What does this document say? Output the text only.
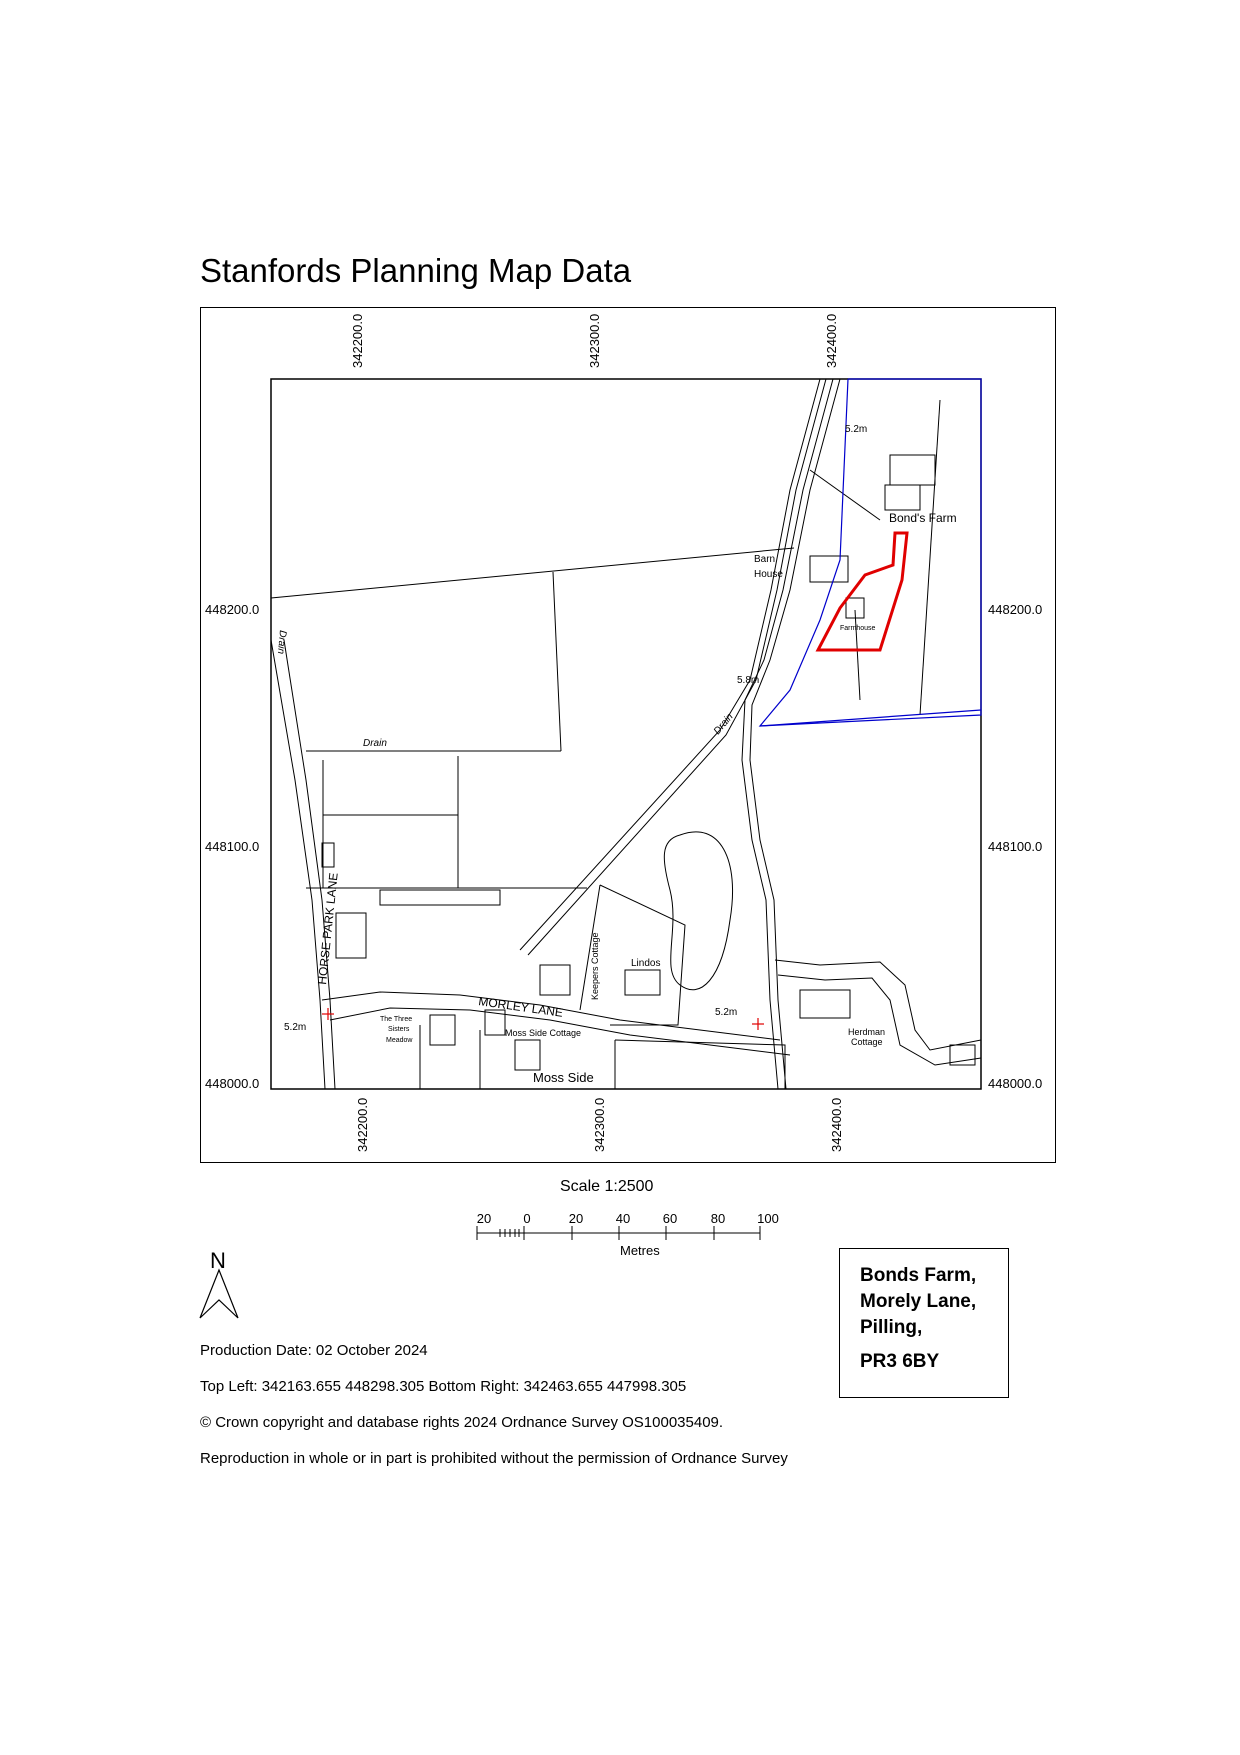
Stanfords Planning Map Data
342200.0	342300.0	342400.0
342200.0	342300.0	342400.0
448200.0
448100.0
448000.0
448200.0
448100.0
448000.0
Bond's Farm
Barn
House
Farmhouse
5.2m
5.8m
5.2m
5.2m
Drain
Drain
Drain
HORSE PARK LANE
MORLEY LANE
Keepers Cottage	Lindos
The Three
Sisters
Meadow
Moss Side Cottage
Moss Side
Herdman
Cottage
20 0	20	40	60	80 100
Scale 1:2500
Metres
N
Production Date: 02 October 2024
Top Left: 342163.655 448298.305 Bottom Right: 342463.655 447998.305
© Crown copyright and database rights 2024 Ordnance Survey OS100035409.
Reproduction in whole or in part is prohibited without the permission of Ordnance Survey
Bonds Farm,
Morely Lane,
Pilling,
PR3 6BY
